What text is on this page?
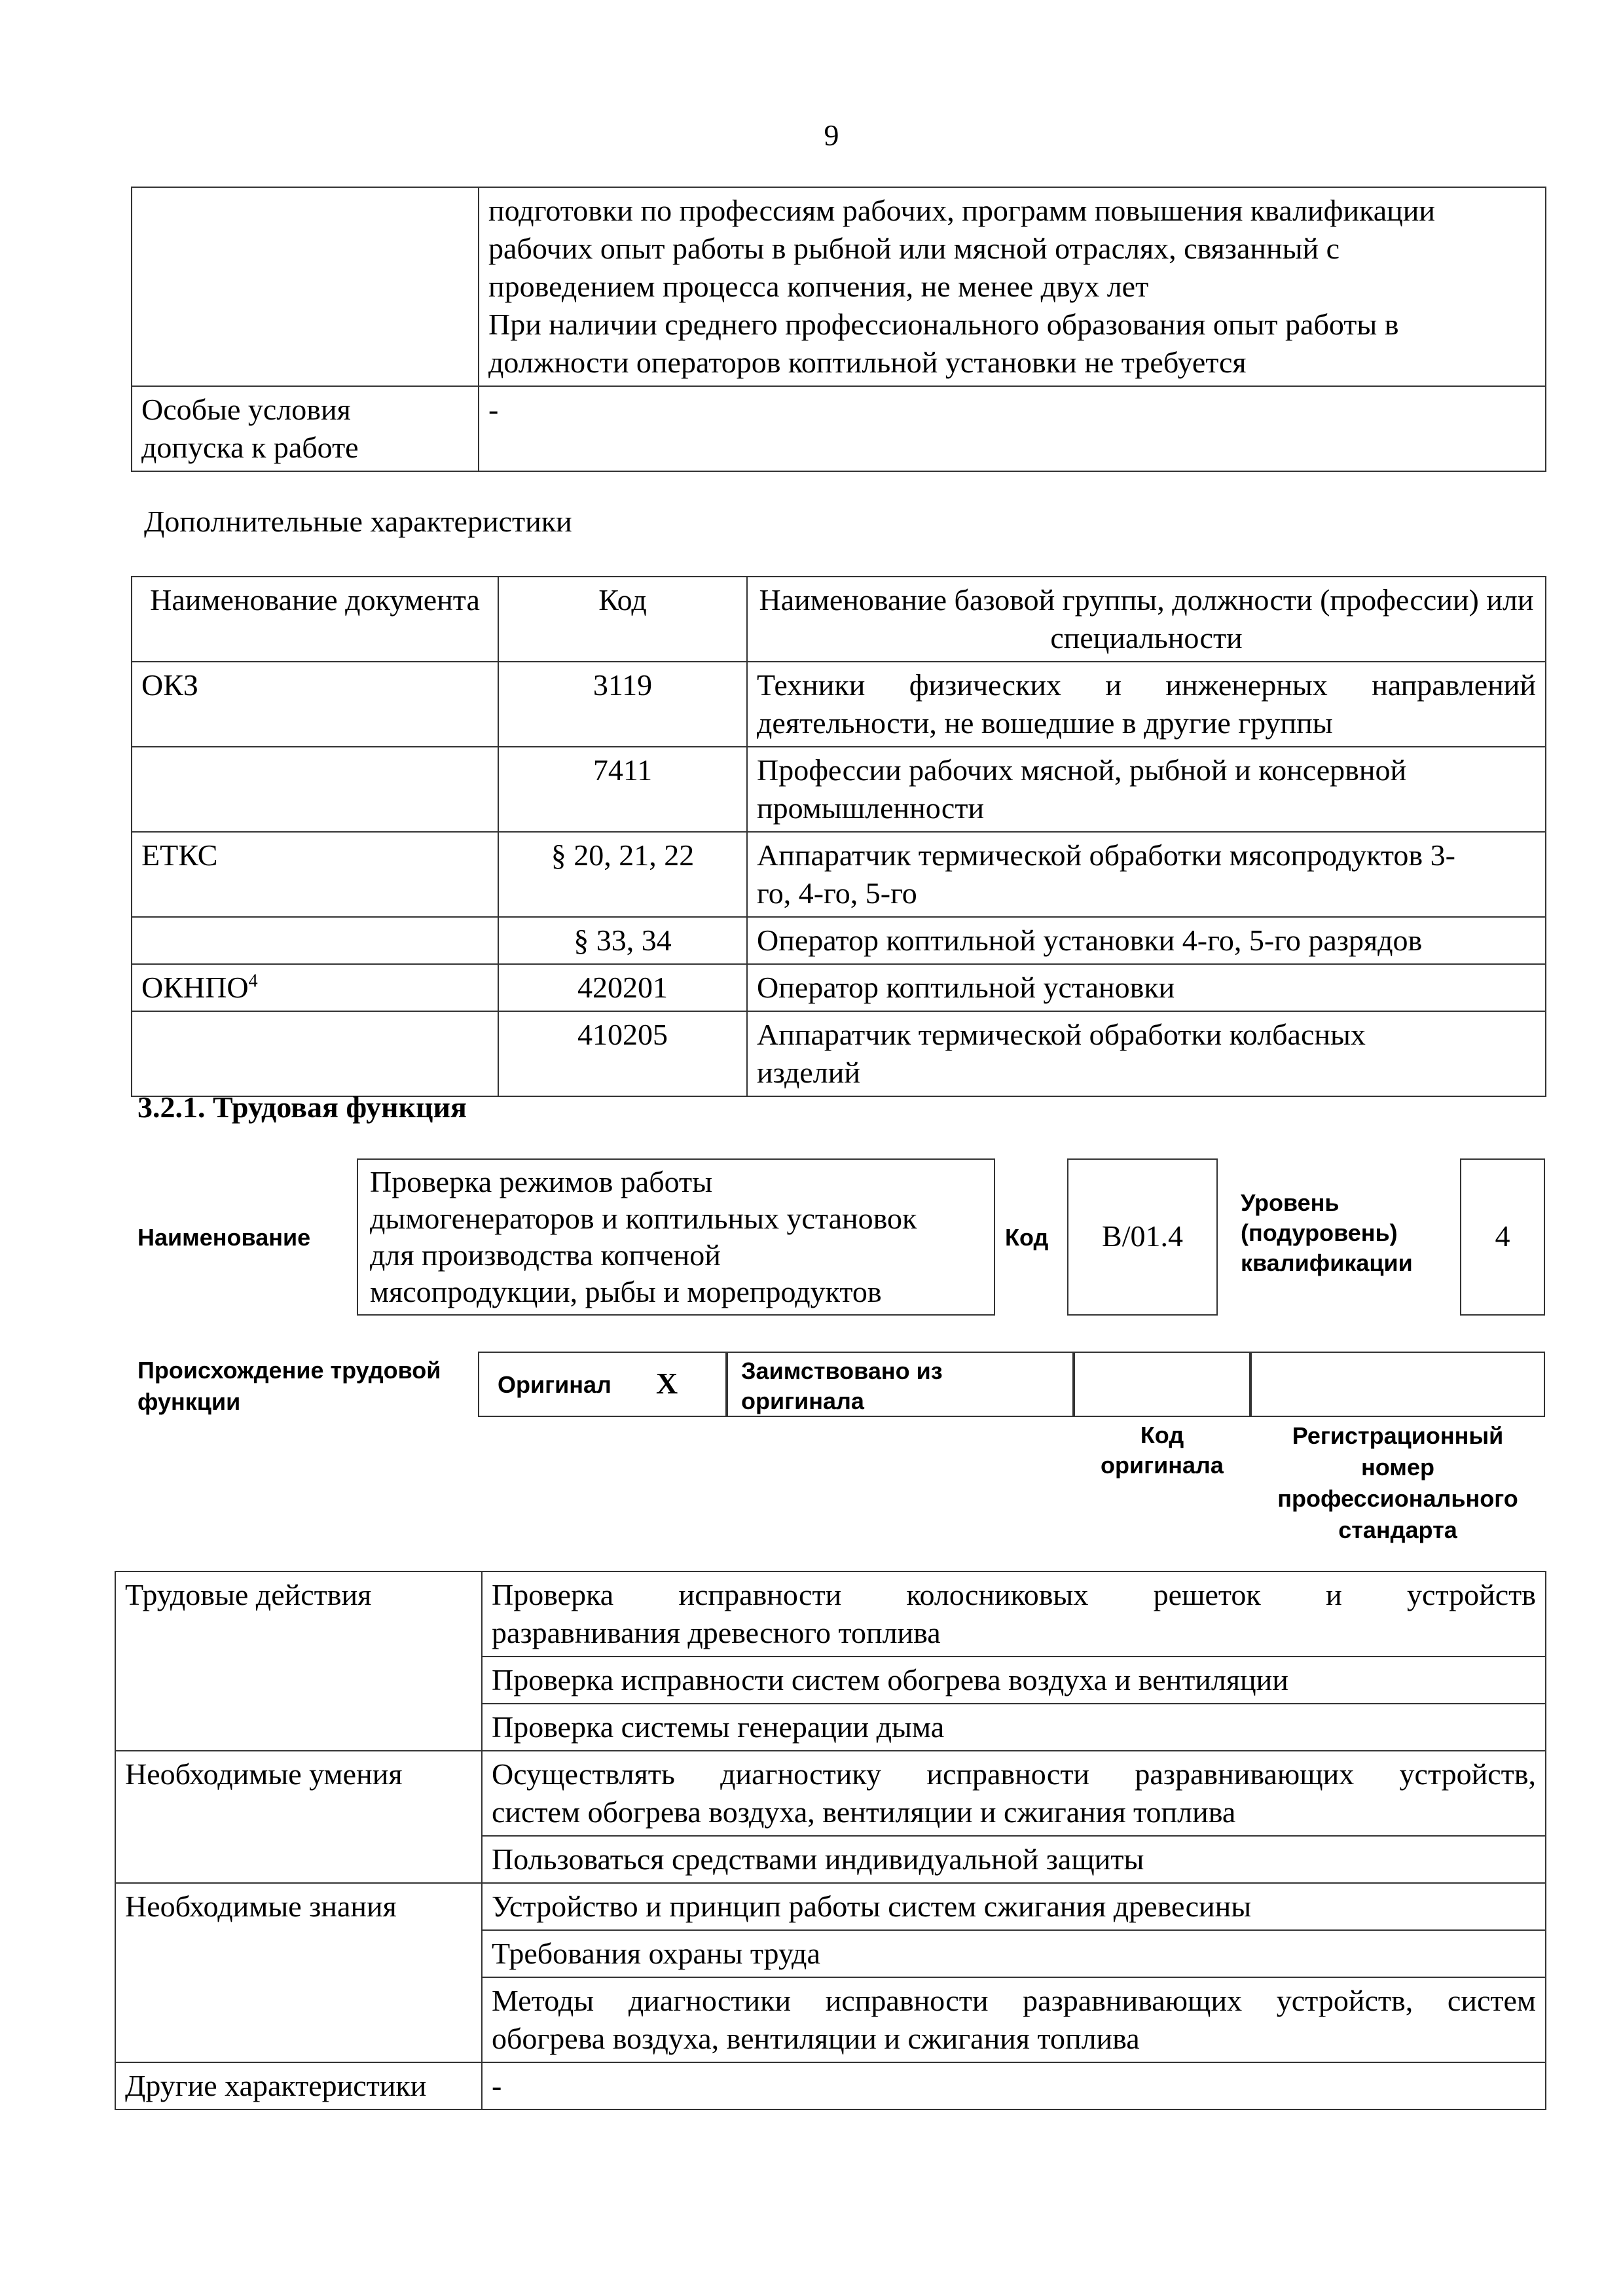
9

	подготовки по профессиям рабочих, программ повышения квалификации
рабочих опыт работы в рыбной или мясной отраслях, связанный с
проведением процесса копчения, не менее двух лет
При наличии среднего профессионального образования опыт работы в
должности операторов коптильной установки не требуется

Особые условия
допуска к работе	-
Дополнительные характеристики
Наименование документа	Код	Наименование базовой группы, должности (профессии) или специальности
ОКЗ	3119	Техники физических и инженерных направлений
деятельности, не вошедшие в другие группы

	7411	Профессии рабочих мясной, рыбной и консервной
промышленности

ЕТКС	§ 20, 21, 22	Аппаратчик термической обработки мясопродуктов 3-
го, 4-го, 5-го

	§ 33, 34	Оператор коптильной установки 4-го, 5-го разрядов
ОКНПО$^4$	420201	Оператор коптильной установки
	410205	Аппаратчик термической обработки колбасных
изделий
3.2.1. Трудовая функция
Наименование
Проверка режимов работы
дымогенераторов и коптильных установок
для производства копченой
мясопродукции, рыбы и морепродуктов
Код	B/01.4
Уровень
(подуровень)
квалификации
4
Происхождение трудовой
функции
Оригинал X	Заимствовано из
оригинала
Код
оригинала
Регистрационный
номер
профессионального
стандарта
Трудовые действия	Проверка исправности колосниковых решеток и устройств
разравнивания древесного топлива

	Проверка исправности систем обогрева воздуха и вентиляции
	Проверка системы генерации дыма
Необходимые умения	Осуществлять диагностику исправности разравнивающих устройств,
систем обогрева воздуха, вентиляции и сжигания топлива

	Пользоваться средствами индивидуальной защиты
Необходимые знания	Устройство и принцип работы систем сжигания древесины
	Требования охраны труда

	Методы диагностики исправности разравнивающих устройств, систем
обогрева воздуха, вентиляции и сжигания топлива

Другие характеристики	-
